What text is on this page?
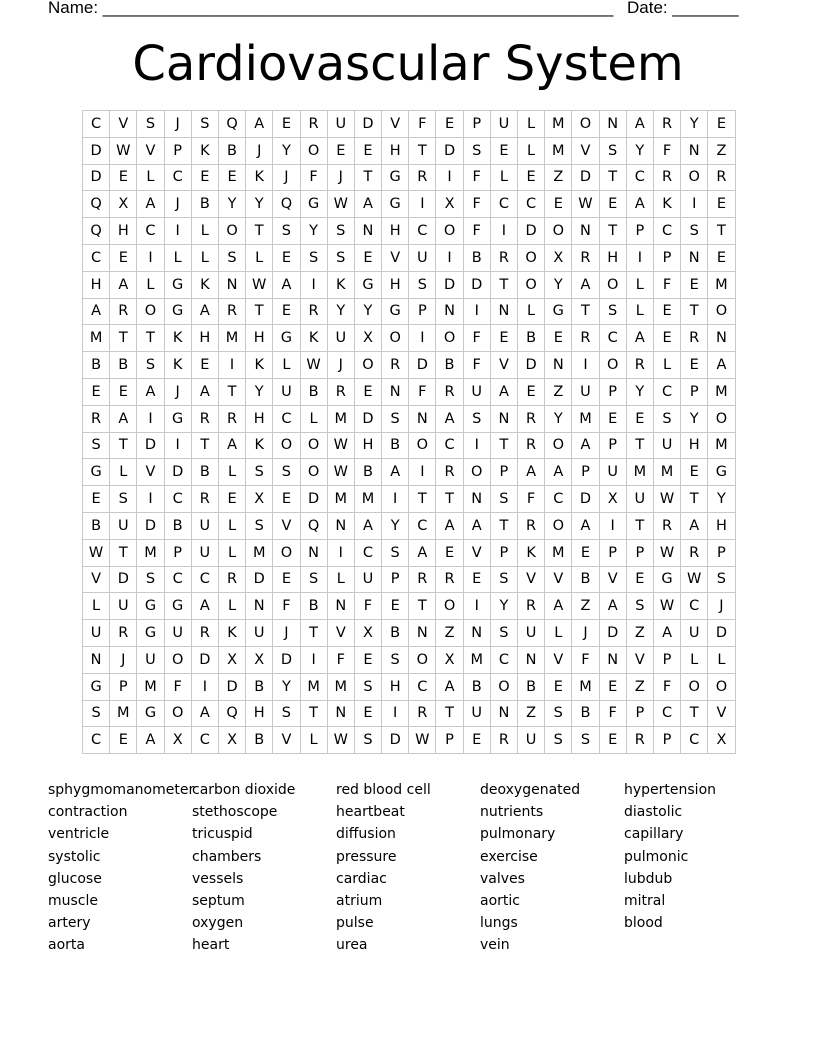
Name: ______________________________________________________ Date: _______
Cardiovascular System
C	V	S	J	S	Q	A	E	R	U	D	V	F	E	P	U	L	M	O	N	A	R	Y	E
D	W	V	P	K	B	J	Y	O	E	E	H	T	D	S	E	L	M	V	S	Y	F	N	Z
D	E	L	C	E	E	K	J	F	J	T	G	R	I	F	L	E	Z	D	T	C	R	O	R
Q	X	A	J	B	Y	Y	Q	G	W	A	G	I	X	F	C	C	E	W	E	A	K	I	E
Q	H	C	I	L	O	T	S	Y	S	N	H	C	O	F	I	D	O	N	T	P	C	S	T
C	E	I	L	L	S	L	E	S	S	E	V	U	I	B	R	O	X	R	H	I	P	N	E
H	A	L	G	K	N	W	A	I	K	G	H	S	D	D	T	O	Y	A	O	L	F	E	M
A	R	O	G	A	R	T	E	R	Y	Y	G	P	N	I	N	L	G	T	S	L	E	T	O
M	T	T	K	H	M	H	G	K	U	X	O	I	O	F	E	B	E	R	C	A	E	R	N
B	B	S	K	E	I	K	L	W	J	O	R	D	B	F	V	D	N	I	O	R	L	E	A
E	E	A	J	A	T	Y	U	B	R	E	N	F	R	U	A	E	Z	U	P	Y	C	P	M
R	A	I	G	R	R	H	C	L	M	D	S	N	A	S	N	R	Y	M	E	E	S	Y	O
S	T	D	I	T	A	K	O	O	W	H	B	O	C	I	T	R	O	A	P	T	U	H	M
G	L	V	D	B	L	S	S	O	W	B	A	I	R	O	P	A	A	P	U	M	M	E	G
E	S	I	C	R	E	X	E	D	M	M	I	T	T	N	S	F	C	D	X	U	W	T	Y
B	U	D	B	U	L	S	V	Q	N	A	Y	C	A	A	T	R	O	A	I	T	R	A	H
W	T	M	P	U	L	M	O	N	I	C	S	A	E	V	P	K	M	E	P	P	W	R	P
V	D	S	C	C	R	D	E	S	L	U	P	R	R	E	S	V	V	B	V	E	G	W	S
L	U	G	G	A	L	N	F	B	N	F	E	T	O	I	Y	R	A	Z	A	S	W	C	J
U	R	G	U	R	K	U	J	T	V	X	B	N	Z	N	S	U	L	J	D	Z	A	U	D
N	J	U	O	D	X	X	D	I	F	E	S	O	X	M	C	N	V	F	N	V	P	L	L
G	P	M	F	I	D	B	Y	M	M	S	H	C	A	B	O	B	E	M	E	Z	F	O	O
S	M	G	O	A	Q	H	S	T	N	E	I	R	T	U	N	Z	S	B	F	P	C	T	V
C	E	A	X	C	X	B	V	L	W	S	D	W	P	E	R	U	S	S	E	R	P	C	X
sphygmomanometer
contraction
ventricle
systolic
glucose
muscle
artery
aorta
carbon dioxide
stethoscope
tricuspid
chambers
vessels
septum
oxygen
heart
red blood cell
heartbeat
diffusion
pressure
cardiac
atrium
pulse
urea
deoxygenated
nutrients
pulmonary
exercise
valves
aortic
lungs
vein
hypertension
diastolic
capillary
pulmonic
lubdub
mitral
blood
